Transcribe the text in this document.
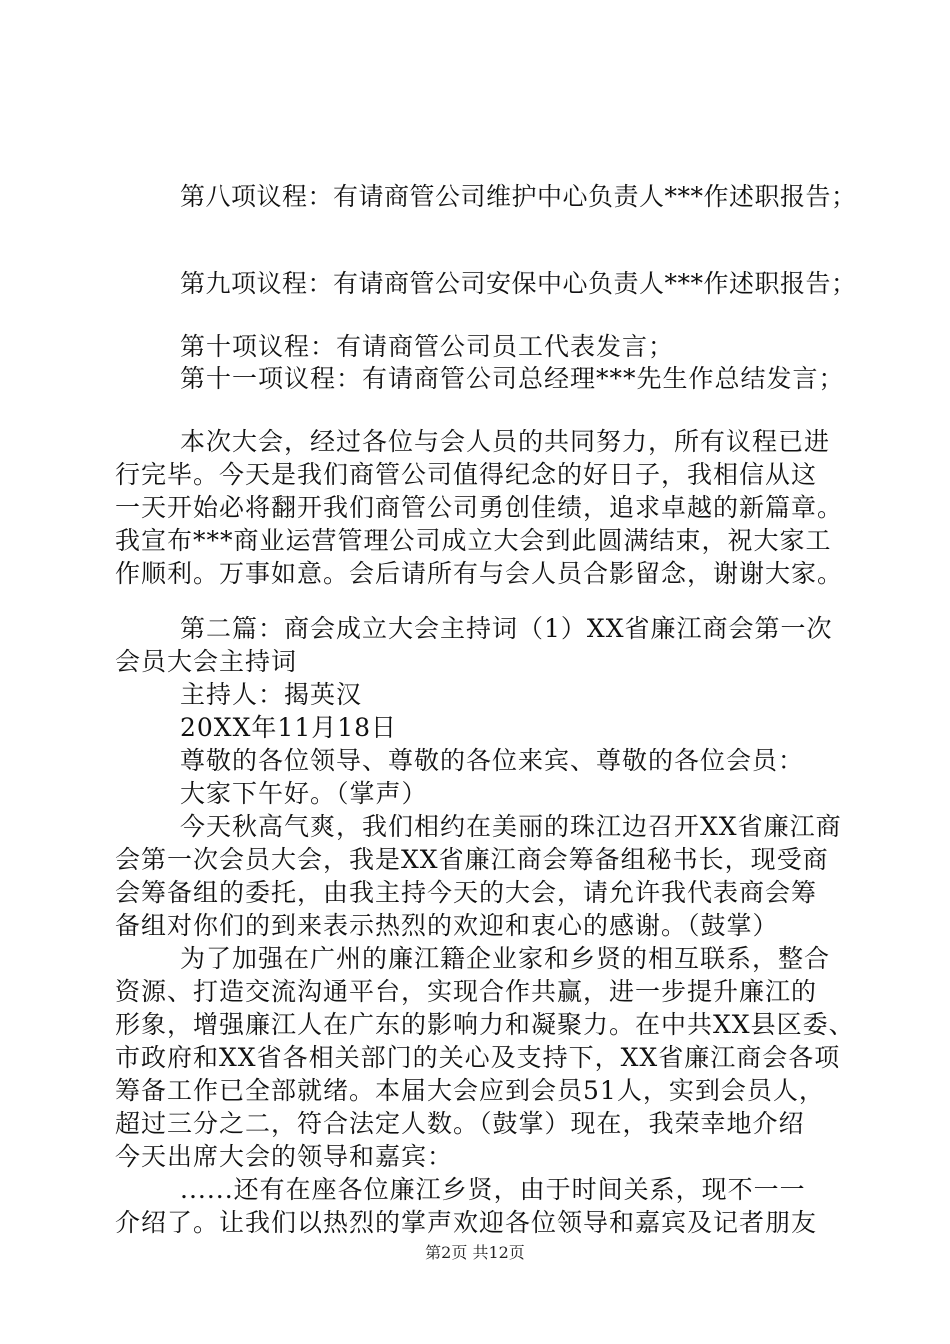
第八项议程：有请商管公司维护中心负责人***作述职报告；
第九项议程：有请商管公司安保中心负责人***作述职报告；
第十项议程：有请商管公司员工代表发言；
第十一项议程：有请商管公司总经理***先生作总结发言；
本次大会，经过各位与会人员的共同努力，所有议程已进
行完毕。今天是我们商管公司值得纪念的好日子，我相信从这
一天开始必将翻开我们商管公司勇创佳绩，追求卓越的新篇章。
我宣布***商业运营管理公司成立大会到此圆满结束，祝大家工
作顺利。万事如意。会后请所有与会人员合影留念，谢谢大家。
第二篇：商会成立大会主持词（1）XX省廉江商会第一次
会员大会主持词
主持人：揭英汉
20XX年11月18日
尊敬的各位领导、尊敬的各位来宾、尊敬的各位会员：
大家下午好。（掌声）
今天秋高气爽，我们相约在美丽的珠江边召开XX省廉江商
会第一次会员大会，我是XX省廉江商会筹备组秘书长，现受商
会筹备组的委托，由我主持今天的大会，请允许我代表商会筹
备组对你们的到来表示热烈的欢迎和衷心的感谢。（鼓掌）
为了加强在广州的廉江籍企业家和乡贤的相互联系，整合
资源、打造交流沟通平台，实现合作共赢，进一步提升廉江的
形象，增强廉江人在广东的影响力和凝聚力。在中共XX县区委、
市政府和XX省各相关部门的关心及支持下，XX省廉江商会各项
筹备工作已全部就绪。本届大会应到会员51人，实到会员人，
超过三分之二，符合法定人数。（鼓掌）现在，我荣幸地介绍
今天出席大会的领导和嘉宾：
......还有在座各位廉江乡贤，由于时间关系，现不一一
介绍了。让我们以热烈的掌声欢迎各位领导和嘉宾及记者朋友
第2页 共12页
